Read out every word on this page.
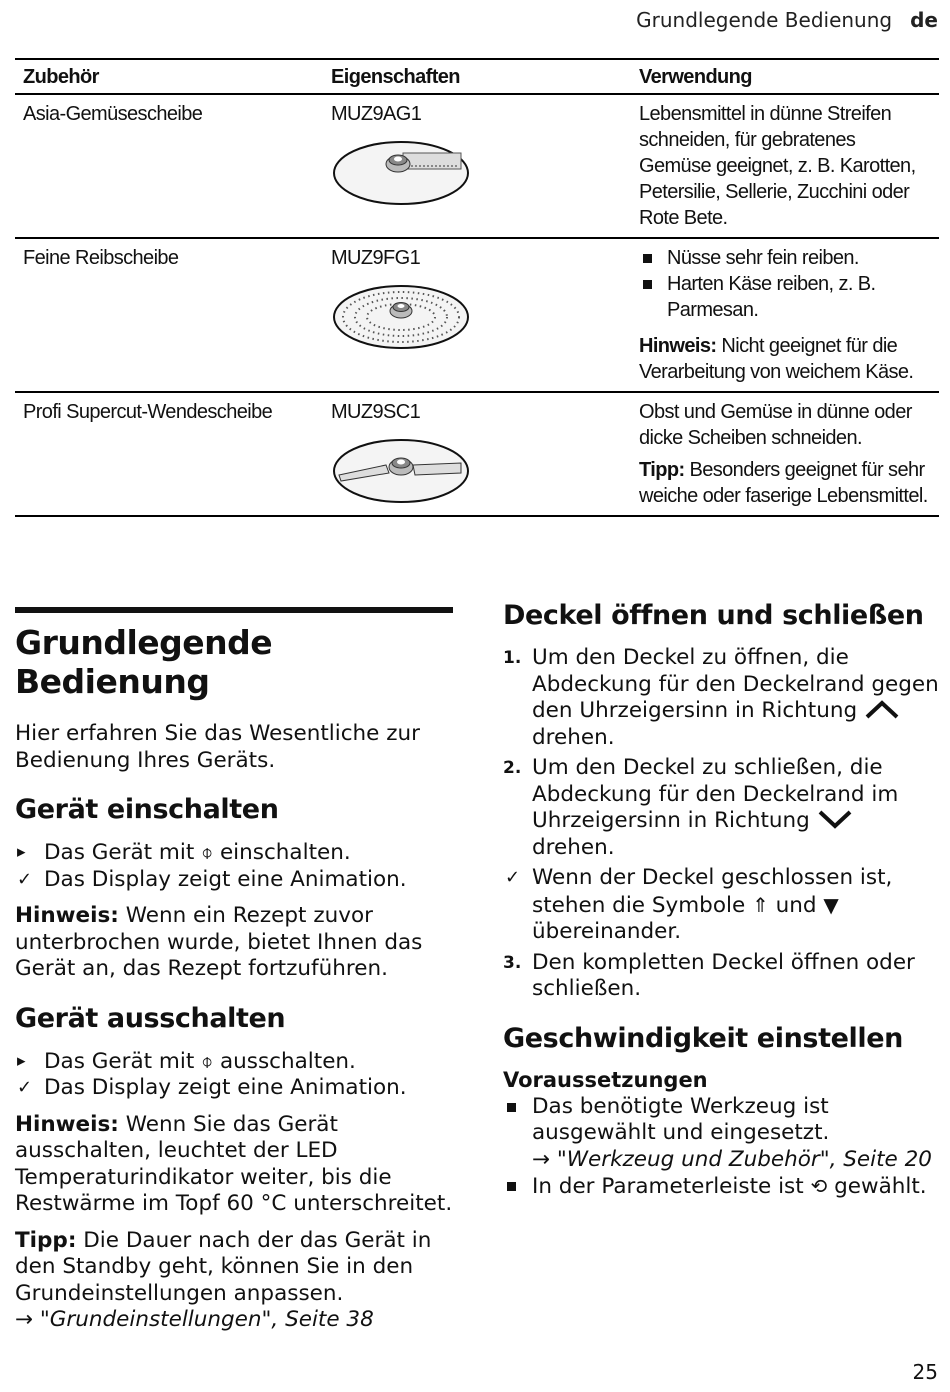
Grundlegende Bedienung de
Zubehör	Eigenschaften	Verwendung
Asia-Gemüsescheibe	MUZ9AG1	Lebensmittel in dünne Streifen schneiden, für gebratenes Gemüse geeignet, z. B. Karotten, Petersilie, Sellerie, Zucchini oder Rote Bete.
Feine Reibscheibe	MUZ9FG1	Nüsse sehr fein reiben.
Harten Käse reiben, z. B. Parmesan.
Hinweis: Nicht geeignet für die Verarbeitung von weichem Käse.

Profi Supercut-Wendescheibe	MUZ9SC1	Obst und Gemüse in dünne oder dicke Scheiben schneiden.
Tipp: Besonders geeignet für sehr weiche oder faserige Lebensmittel.
Grundlegende Bedienung

Hier erfahren Sie das Wesentliche zur Bedienung Ihres Geräts.

Gerät einschalten
▸ Das Gerät mit ⌽ einschalten.
✓ Das Display zeigt eine Animation.

Hinweis: Wenn ein Rezept zuvor unterbrochen wurde, bietet Ihnen das Gerät an, das Rezept fortzuführen.

Gerät ausschalten
▸ Das Gerät mit ⌽ ausschalten.
✓ Das Display zeigt eine Animation.

Hinweis: Wenn Sie das Gerät ausschalten, leuchtet der LED Temperaturindikator weiter, bis die Restwärme im Topf 60 °C unterschreitet.

Tipp: Die Dauer nach der das Gerät in den Standby geht, können Sie in den Grundeinstellungen anpassen.

→ "Grundeinstellungen", Seite 38

Deckel öffnen und schließen
1. Um den Deckel zu öffnen, die Abdeckung für den Deckelrand gegen den Uhrzeigersinn in Richtung  drehen.
2. Um den Deckel zu schließen, die Abdeckung für den Deckelrand im Uhrzeigersinn in Richtung  drehen.
✓ Wenn der Deckel geschlossen ist, stehen die Symbole ⇑ und ▼ übereinander.
3. Den kompletten Deckel öffnen oder schließen.
Geschwindigkeit einstellen
Voraussetzungen
Das benötigte Werkzeug ist ausgewählt und eingesetzt.
→ "Werkzeug und Zubehör", Seite 20
In der Parameterleiste ist ⟲ gewählt.
25
